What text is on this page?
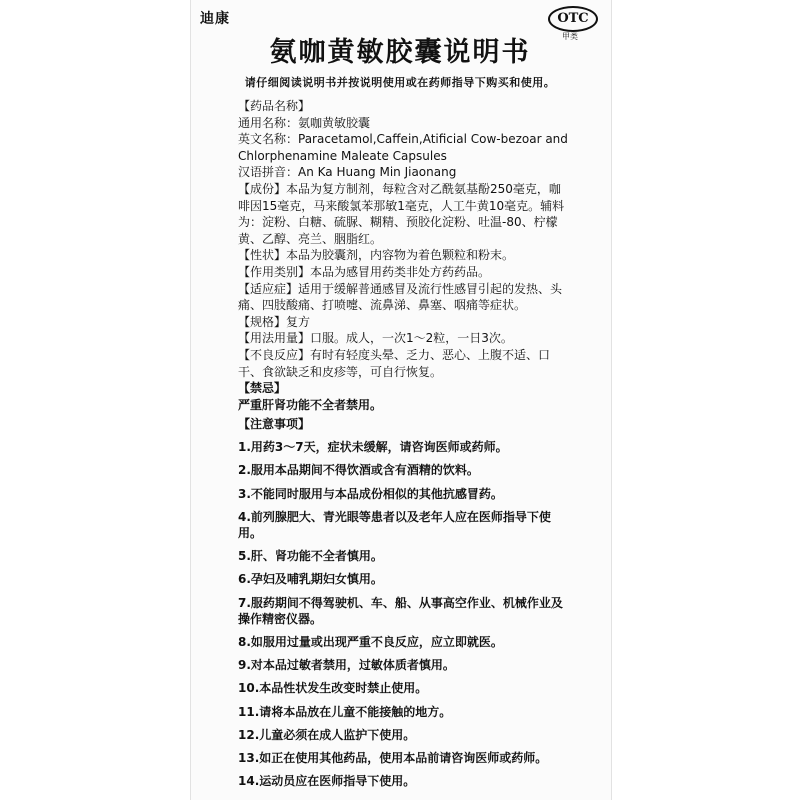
迪康	OTC
甲类
氨咖黄敏胶囊说明书
请仔细阅读说明书并按说明使用或在药师指导下购买和使用。

【药品名称】

通用名称：氨咖黄敏胶囊

英文名称：Paracetamol,Caffein,Atificial Cow-bezoar and Chlorphenamine Maleate Capsules

汉语拼音：An Ka Huang Min Jiaonang

【成份】本品为复方制剂，每粒含对乙酰氨基酚250毫克，咖啡因15毫克，马来酸氯苯那敏1毫克，人工牛黄10毫克。辅料为：淀粉、白糖、硫脲、糊精、预胶化淀粉、吐温-80、柠檬黄、乙醇、亮兰、胭脂红。

【性状】本品为胶囊剂，内容物为着色颗粒和粉末。

【作用类别】本品为感冒用药类非处方药药品。

【适应症】适用于缓解普通感冒及流行性感冒引起的发热、头痛、四肢酸痛、打喷嚏、流鼻涕、鼻塞、咽痛等症状。

【规格】复方

【用法用量】口服。成人，一次1～2粒，一日3次。

【不良反应】有时有轻度头晕、乏力、恶心、上腹不适、口干、食欲缺乏和皮疹等，可自行恢复。

【禁忌】

严重肝肾功能不全者禁用。

【注意事项】

1.用药3～7天，症状未缓解，请咨询医师或药师。

2.服用本品期间不得饮酒或含有酒精的饮料。

3.不能同时服用与本品成份相似的其他抗感冒药。

4.前列腺肥大、青光眼等患者以及老年人应在医师指导下使用。

5.肝、肾功能不全者慎用。

6.孕妇及哺乳期妇女慎用。

7.服药期间不得驾驶机、车、船、从事高空作业、机械作业及操作精密仪器。

8.如服用过量或出现严重不良反应，应立即就医。

9.对本品过敏者禁用，过敏体质者慎用。

10.本品性状发生改变时禁止使用。

11.请将本品放在儿童不能接触的地方。

12.儿童必须在成人监护下使用。

13.如正在使用其他药品，使用本品前请咨询医师或药师。

14.运动员应在医师指导下使用。
